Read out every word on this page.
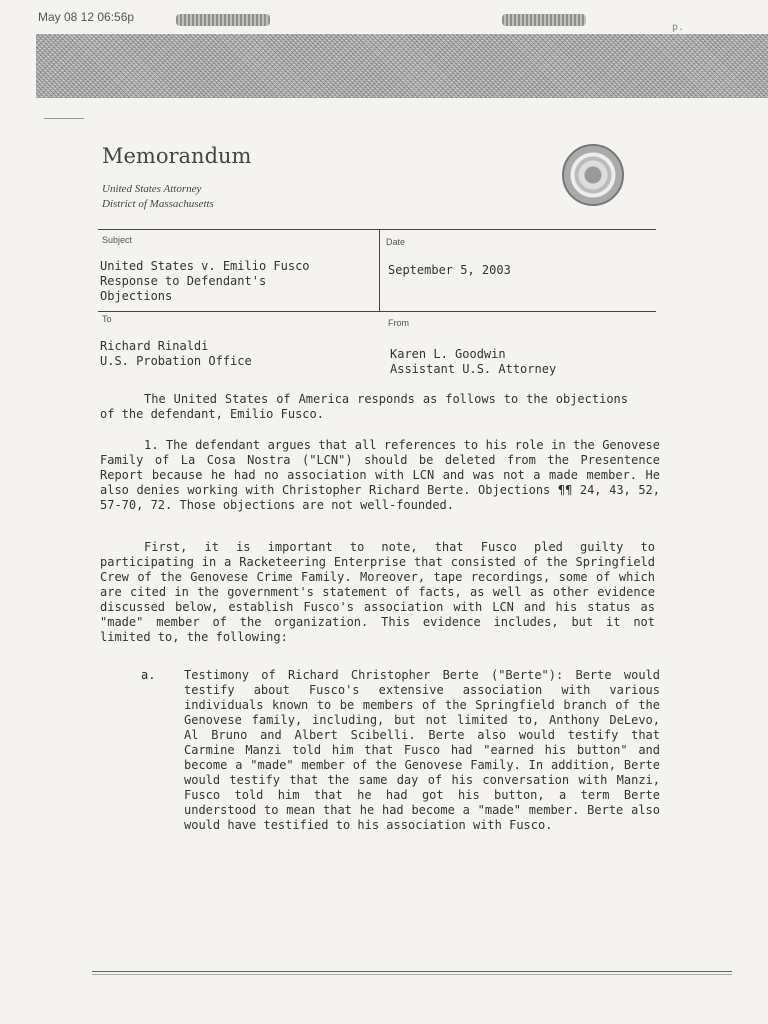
May 08 12 06:56p
p.
Memorandum
United States Attorney
District of Massachusetts
Subject
United States v. Emilio Fusco
Response to Defendant's
Objections
Date
September 5, 2003
To
Richard Rinaldi
U.S. Probation Office
From
Karen L. Goodwin
Assistant U.S. Attorney
The United States of America responds as follows to the objections of the defendant, Emilio Fusco.
1. The defendant argues that all references to his role in the Genovese Family of La Cosa Nostra ("LCN") should be deleted from the Presentence Report because he had no association with LCN and was not a made member. He also denies working with Christopher Richard Berte. Objections ¶¶ 24, 43, 52, 57-70, 72. Those objections are not well-founded.
First, it is important to note, that Fusco pled guilty to participating in a Racketeering Enterprise that consisted of the Springfield Crew of the Genovese Crime Family. Moreover, tape recordings, some of which are cited in the government's statement of facts, as well as other evidence discussed below, establish Fusco's association with LCN and his status as "made" member of the organization. This evidence includes, but it not limited to, the following:
a. Testimony of Richard Christopher Berte ("Berte"): Berte would testify about Fusco's extensive association with various individuals known to be members of the Springfield branch of the Genovese family, including, but not limited to, Anthony DeLevo, Al Bruno and Albert Scibelli. Berte also would testify that Carmine Manzi told him that Fusco had "earned his button" and become a "made" member of the Genovese Family. In addition, Berte would testify that the same day of his conversation with Manzi, Fusco told him that he had got his button, a term Berte understood to mean that he had become a "made" member. Berte also would have testified to his association with Fusco.
